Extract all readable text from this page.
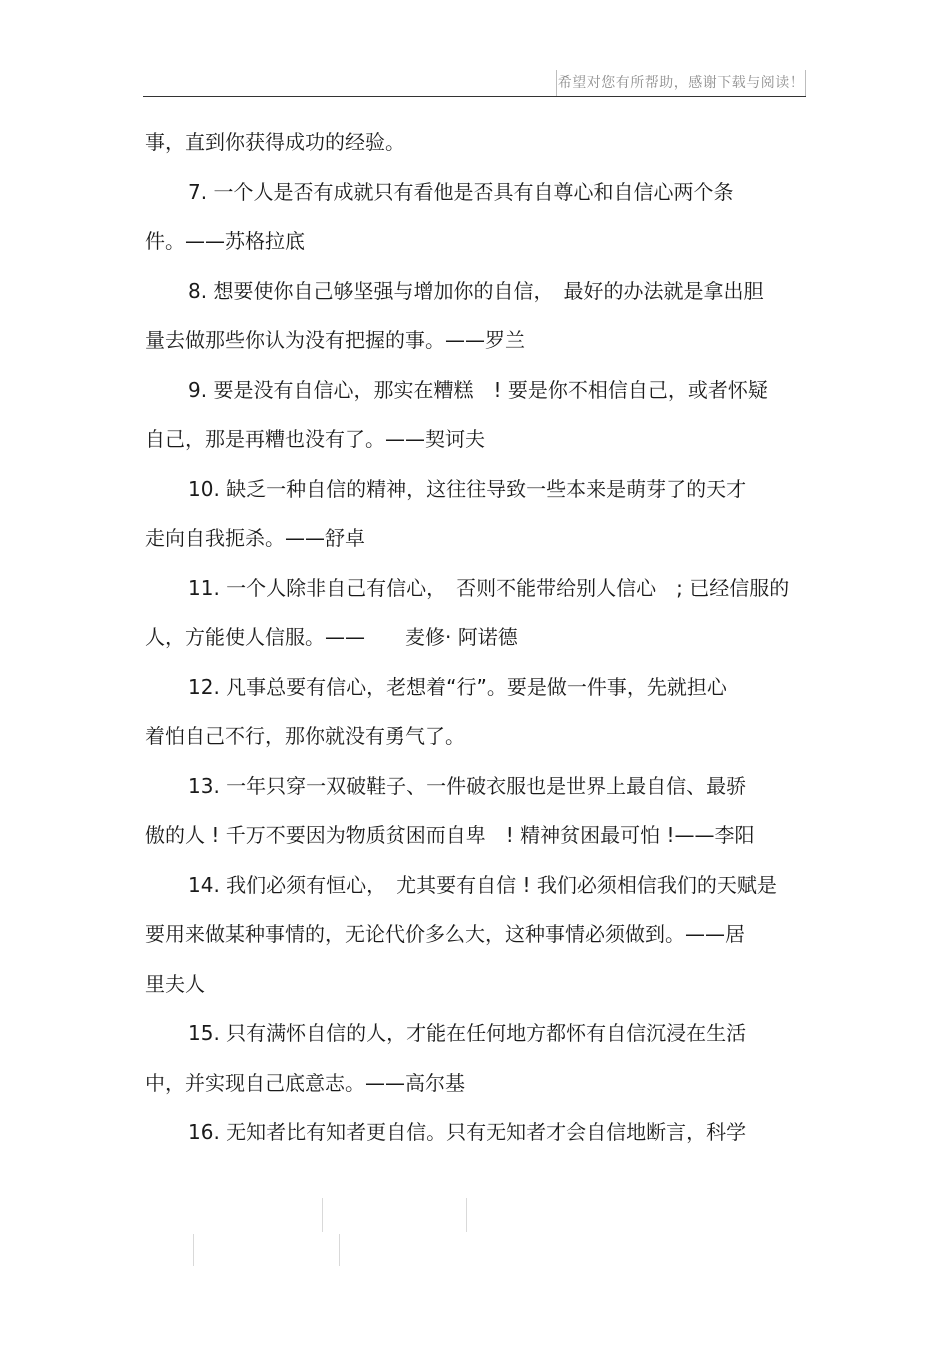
希望对您有所帮助，感谢下载与阅读！
事，直到你获得成功的经验。
7. 一个人是否有成就只有看他是否具有自尊心和自信心两个条
件。——苏格拉底
8. 想要使你自己够坚强与增加你的自信，　最好的办法就是拿出胆
量去做那些你认为没有把握的事。——罗兰
9. 要是没有自信心，那实在糟糕　! 要是你不相信自己，或者怀疑
自己，那是再糟也没有了。——契诃夫
10. 缺乏一种自信的精神，这往往导致一些本来是萌芽了的天才
走向自我扼杀。——舒卓
11. 一个人除非自己有信心，　否则不能带给别人信心　; 已经信服的
人，方能使人信服。——　　麦修· 阿诺德
12. 凡事总要有信心，老想着“行”。要是做一件事，先就担心
着怕自己不行，那你就没有勇气了。
13. 一年只穿一双破鞋子、一件破衣服也是世界上最自信、最骄
傲的人 ! 千万不要因为物质贫困而自卑　! 精神贫困最可怕 !——李阳
14. 我们必须有恒心，　尤其要有自信 ! 我们必须相信我们的天赋是
要用来做某种事情的，无论代价多么大，这种事情必须做到。——居
里夫人
15. 只有满怀自信的人，才能在任何地方都怀有自信沉浸在生活
中，并实现自己底意志。——高尔基
16. 无知者比有知者更自信。只有无知者才会自信地断言，科学
